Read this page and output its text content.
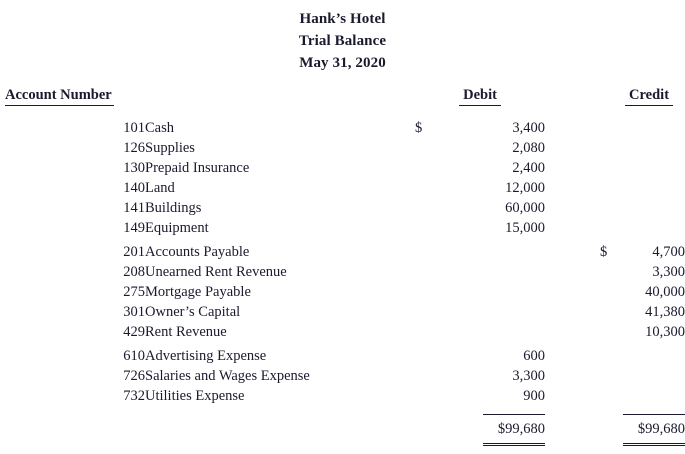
Hank’s Hotel
Trial Balance
May 31, 2020
Account Number		Debit			Credit	

101	Cash	$	3,400			
126	Supplies		2,080			
130	Prepaid Insurance		2,400			
140	Land		12,000			
141	Buildings		60,000			
149	Equipment		15,000			
201	Accounts Payable				$	4,700
208	Unearned Rent Revenue					3,300
275	Mortgage Payable					40,000
301	Owner’s Capital					41,380
429	Rent Revenue					10,300
610	Advertising Expense		600			
726	Salaries and Wages Expense		3,300			
732	Utilities Expense		900			

		$99,680			$99,680	
